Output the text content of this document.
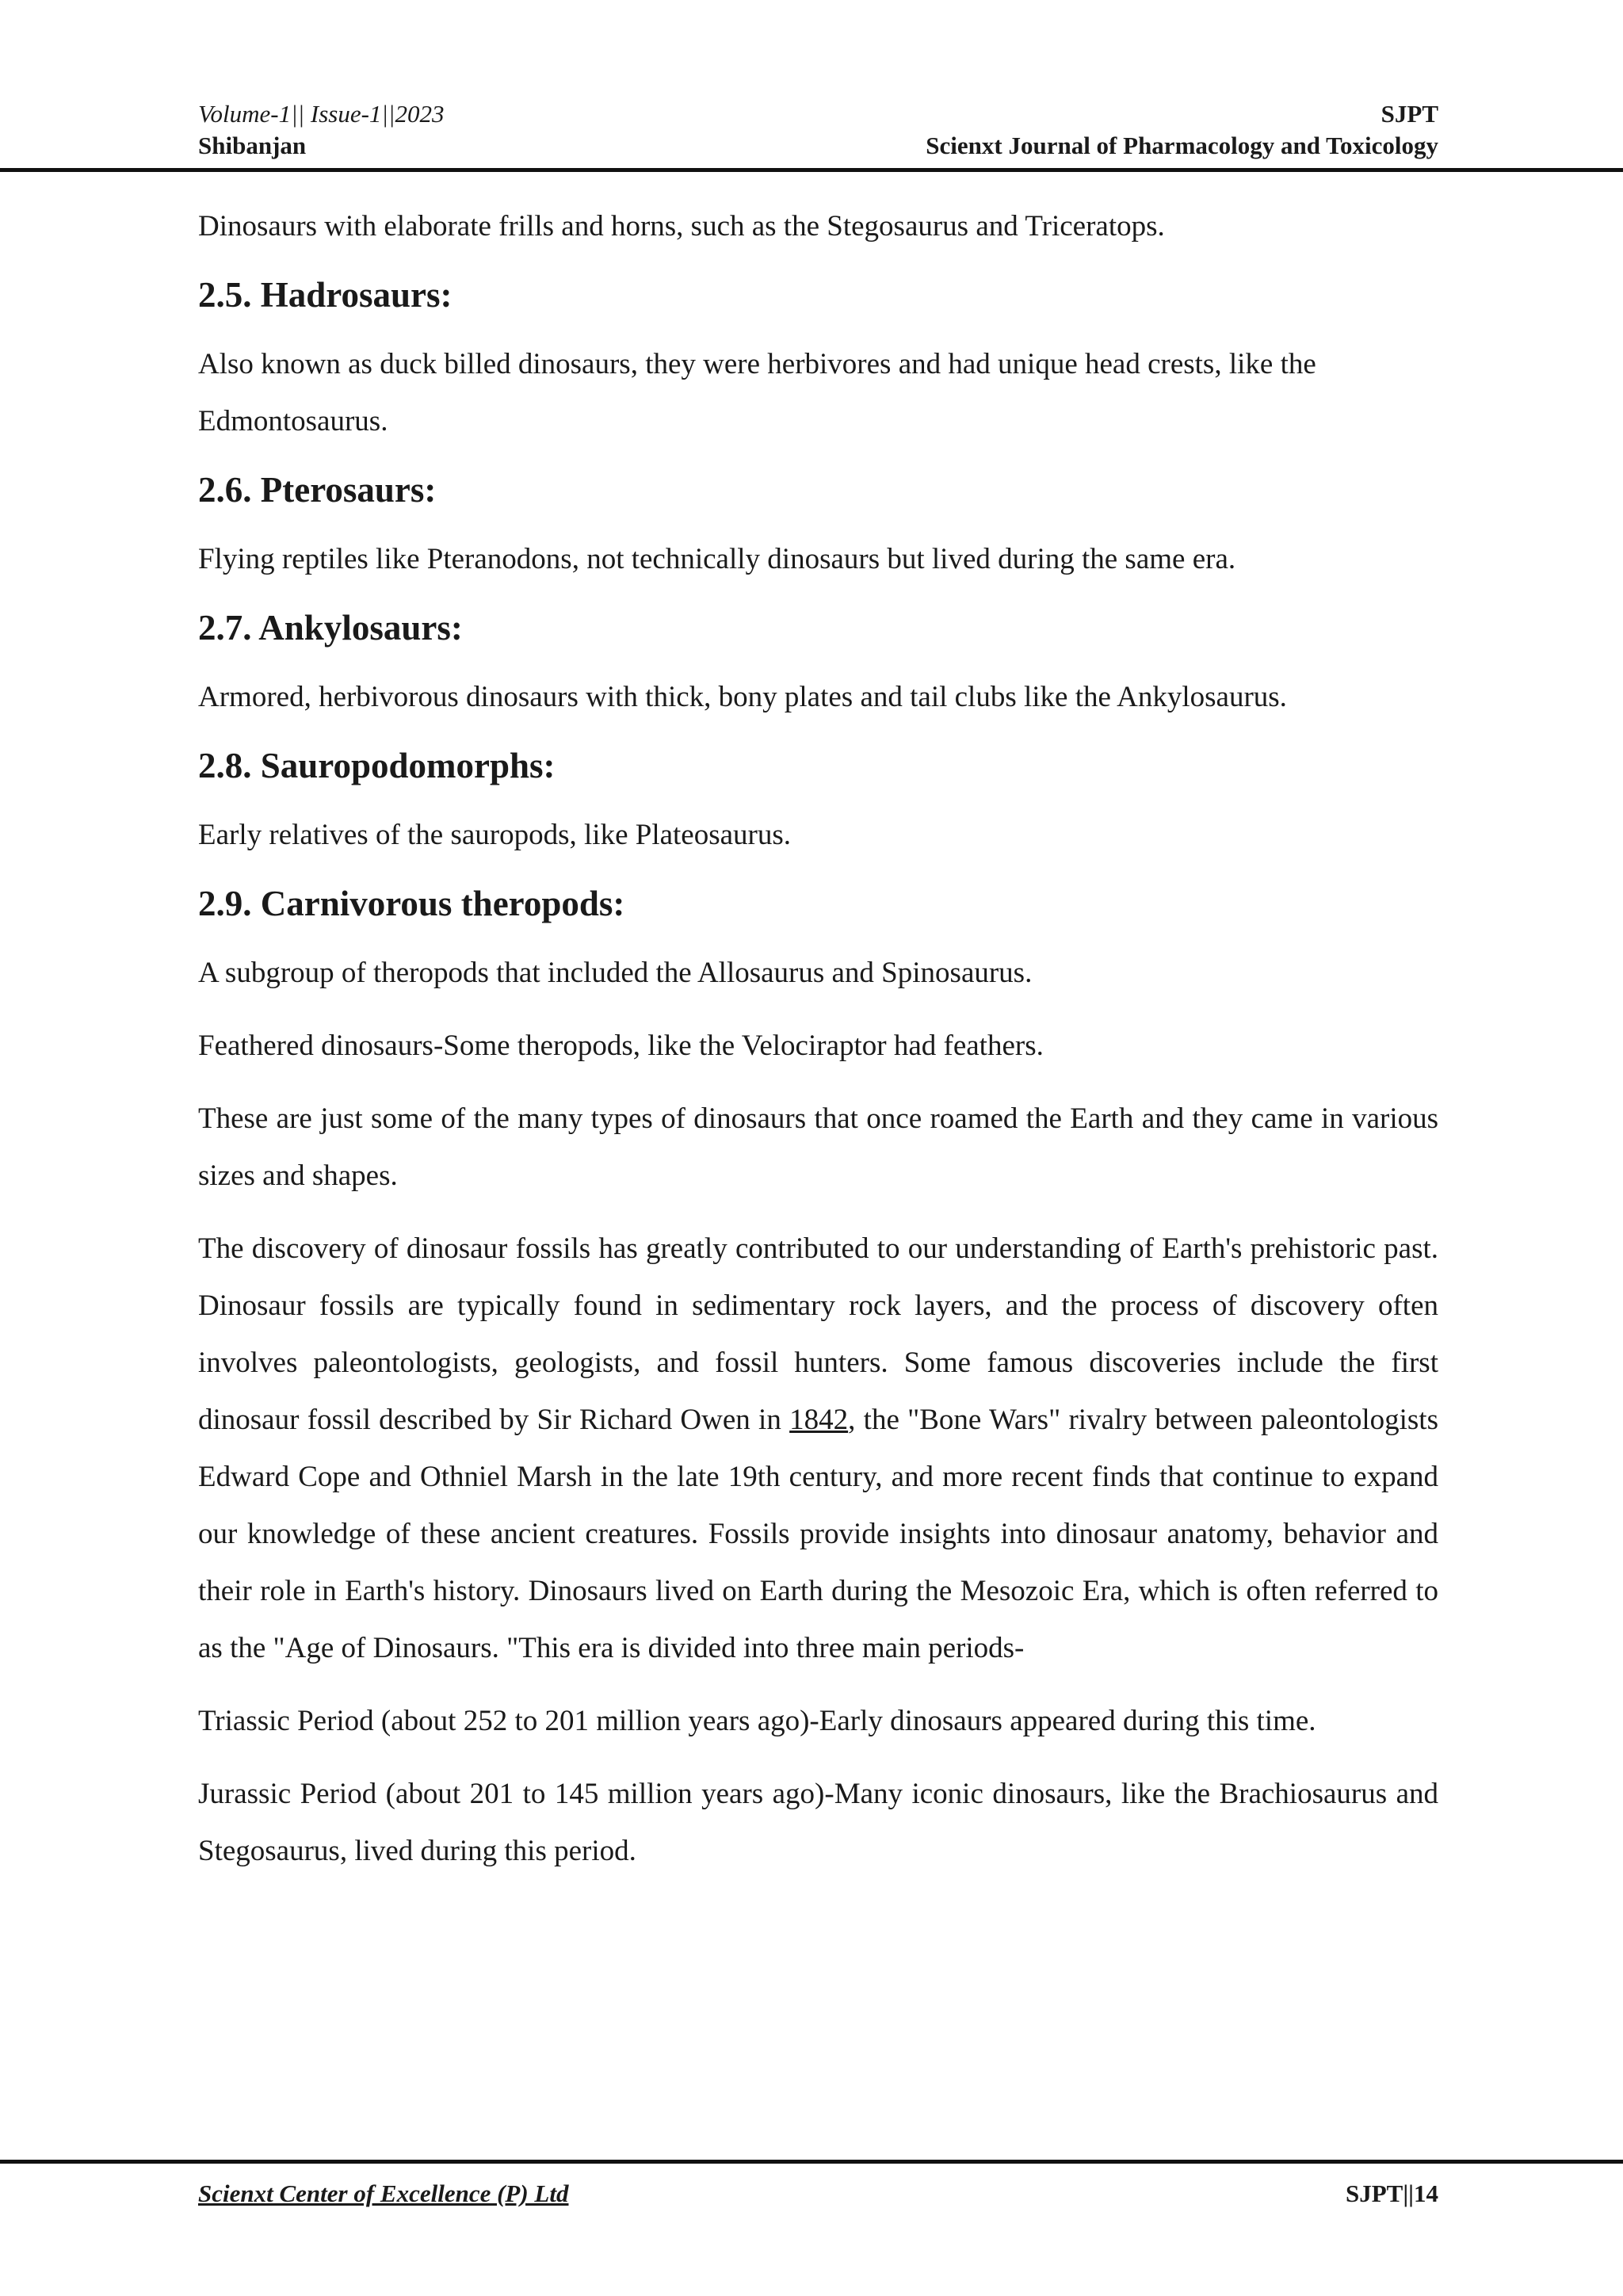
Volume-1|| Issue-1||2023	SJPT
Shibanjan	Scienxt Journal of Pharmacology and Toxicology

Dinosaurs with elaborate frills and horns, such as the Stegosaurus and Triceratops.

2.5. Hadrosaurs:

Also known as duck billed dinosaurs, they were herbivores and had unique head crests, like the Edmontosaurus.

2.6. Pterosaurs:

Flying reptiles like Pteranodons, not technically dinosaurs but lived during the same era.

2.7. Ankylosaurs:

Armored, herbivorous dinosaurs with thick, bony plates and tail clubs like the Ankylosaurus.

2.8. Sauropodomorphs:

Early relatives of the sauropods, like Plateosaurus.

2.9. Carnivorous theropods:

A subgroup of theropods that included the Allosaurus and Spinosaurus.

Feathered dinosaurs-Some theropods, like the Velociraptor had feathers.

These are just some of the many types of dinosaurs that once roamed the Earth and they came in various sizes and shapes.

The discovery of dinosaur fossils has greatly contributed to our understanding of Earth's prehistoric past. Dinosaur fossils are typically found in sedimentary rock layers, and the process of discovery often involves paleontologists, geologists, and fossil hunters. Some famous discoveries include the first dinosaur fossil described by Sir Richard Owen in 1842, the "Bone Wars" rivalry between paleontologists Edward Cope and Othniel Marsh in the late 19th century, and more recent finds that continue to expand our knowledge of these ancient creatures. Fossils provide insights into dinosaur anatomy, behavior and their role in Earth's history. Dinosaurs lived on Earth during the Mesozoic Era, which is often referred to as the "Age of Dinosaurs. "This era is divided into three main periods-

Triassic Period (about 252 to 201 million years ago)-Early dinosaurs appeared during this time.

Jurassic Period (about 201 to 145 million years ago)-Many iconic dinosaurs, like the Brachiosaurus and Stegosaurus, lived during this period.

Scienxt Center of Excellence (P) Ltd	SJPT||14
